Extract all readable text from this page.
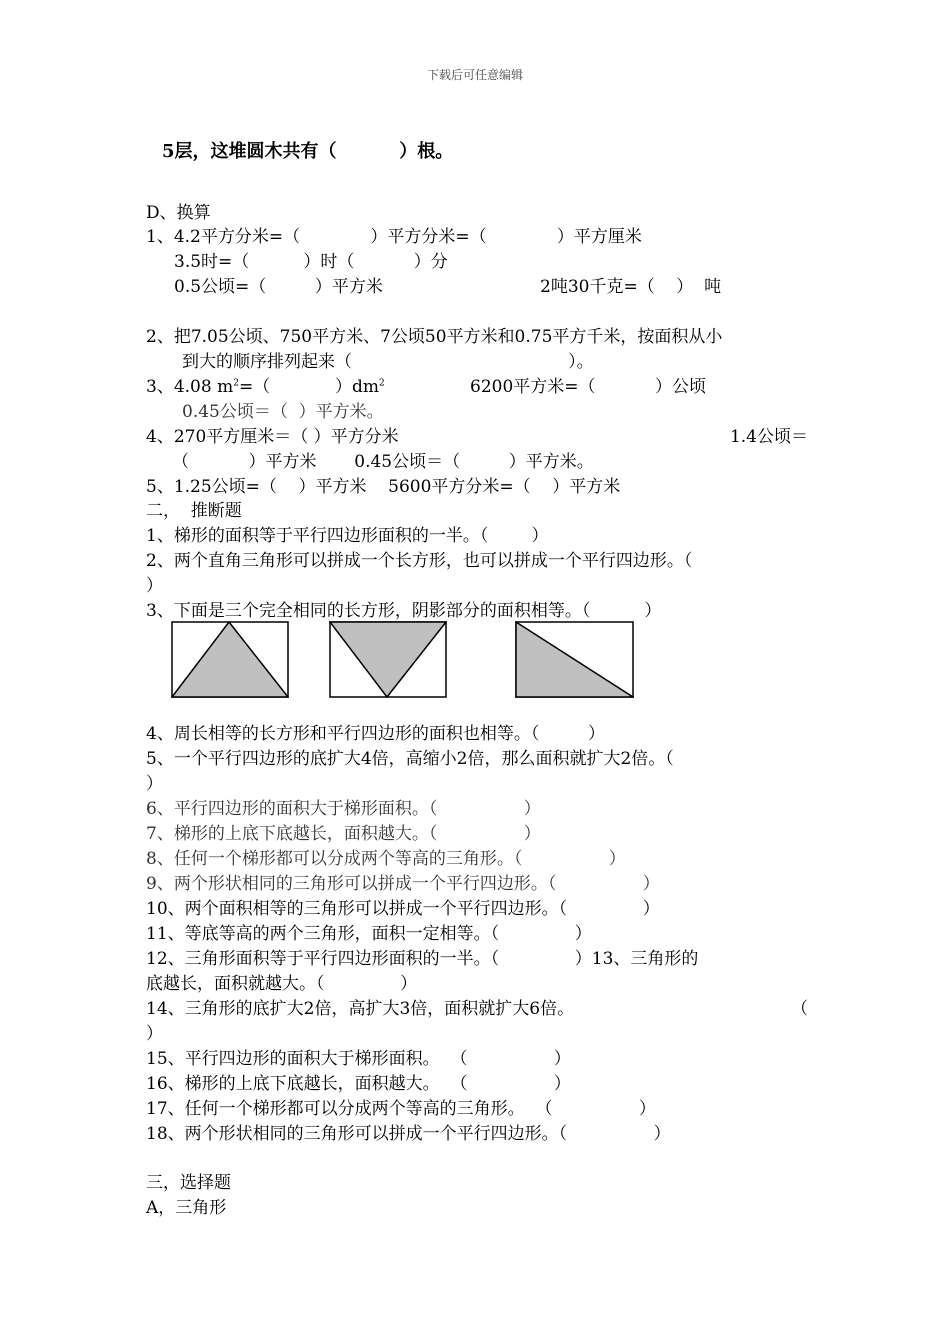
下载后可任意编辑
5层，这堆圆木共有（          ）根。
D、换算
1、4.2平方分米=（             ）平方分米=（             ）平方厘米
3.5时=（          ）时（           ）分
0.5公顷=（         ）平方米	2吨30千克=（    ）  吨
2、把7.05公顷、750平方米、7公顷50平方米和0.75平方千米，按面积从小
到大的顺序排列起来（                                        ）。
3、4.08 $m^2=$（            ）$dm^2$	6200平方米=（           ）公顷
0.45公顷＝（  ）平方米。
4、270平方厘米＝（ ）平方分米	1.4公顷＝
（           ）平方米       0.45公顷＝（         ）平方米。
5、1.25公顷=（    ）平方米    5600平方分米=（    ）平方米
二，  推断题
1、梯形的面积等于平行四边形面积的一半。（        ）
2、两个直角三角形可以拼成一个长方形，也可以拼成一个平行四边形。（
）
3、下面是三个完全相同的长方形，阴影部分的面积相等。（          ）
4、周长相等的长方形和平行四边形的面积也相等。（         ）
5、一个平行四边形的底扩大4倍，高缩小2倍，那么面积就扩大2倍。（
）
6、平行四边形的面积大于梯形面积。（                ）
7、梯形的上底下底越长，面积越大。（                ）
8、任何一个梯形都可以分成两个等高的三角形。（                ）
9、两个形状相同的三角形可以拼成一个平行四边形。（                ）
10、两个面积相等的三角形可以拼成一个平行四边形。（              ）
11、等底等高的两个三角形，面积一定相等。（              ）
12、三角形面积等于平行四边形面积的一半。（              ）13、三角形的
底越长，面积就越大。（              ）
14、三角形的底扩大2倍，高扩大3倍，面积就扩大6倍。	（
）
15、平行四边形的面积大于梯形面积。  （                ）
16、梯形的上底下底越长，面积越大。  （                ）
17、任何一个梯形都可以分成两个等高的三角形。  （                ）
18、两个形状相同的三角形可以拼成一个平行四边形。（                ）
三，选择题
A，三角形
